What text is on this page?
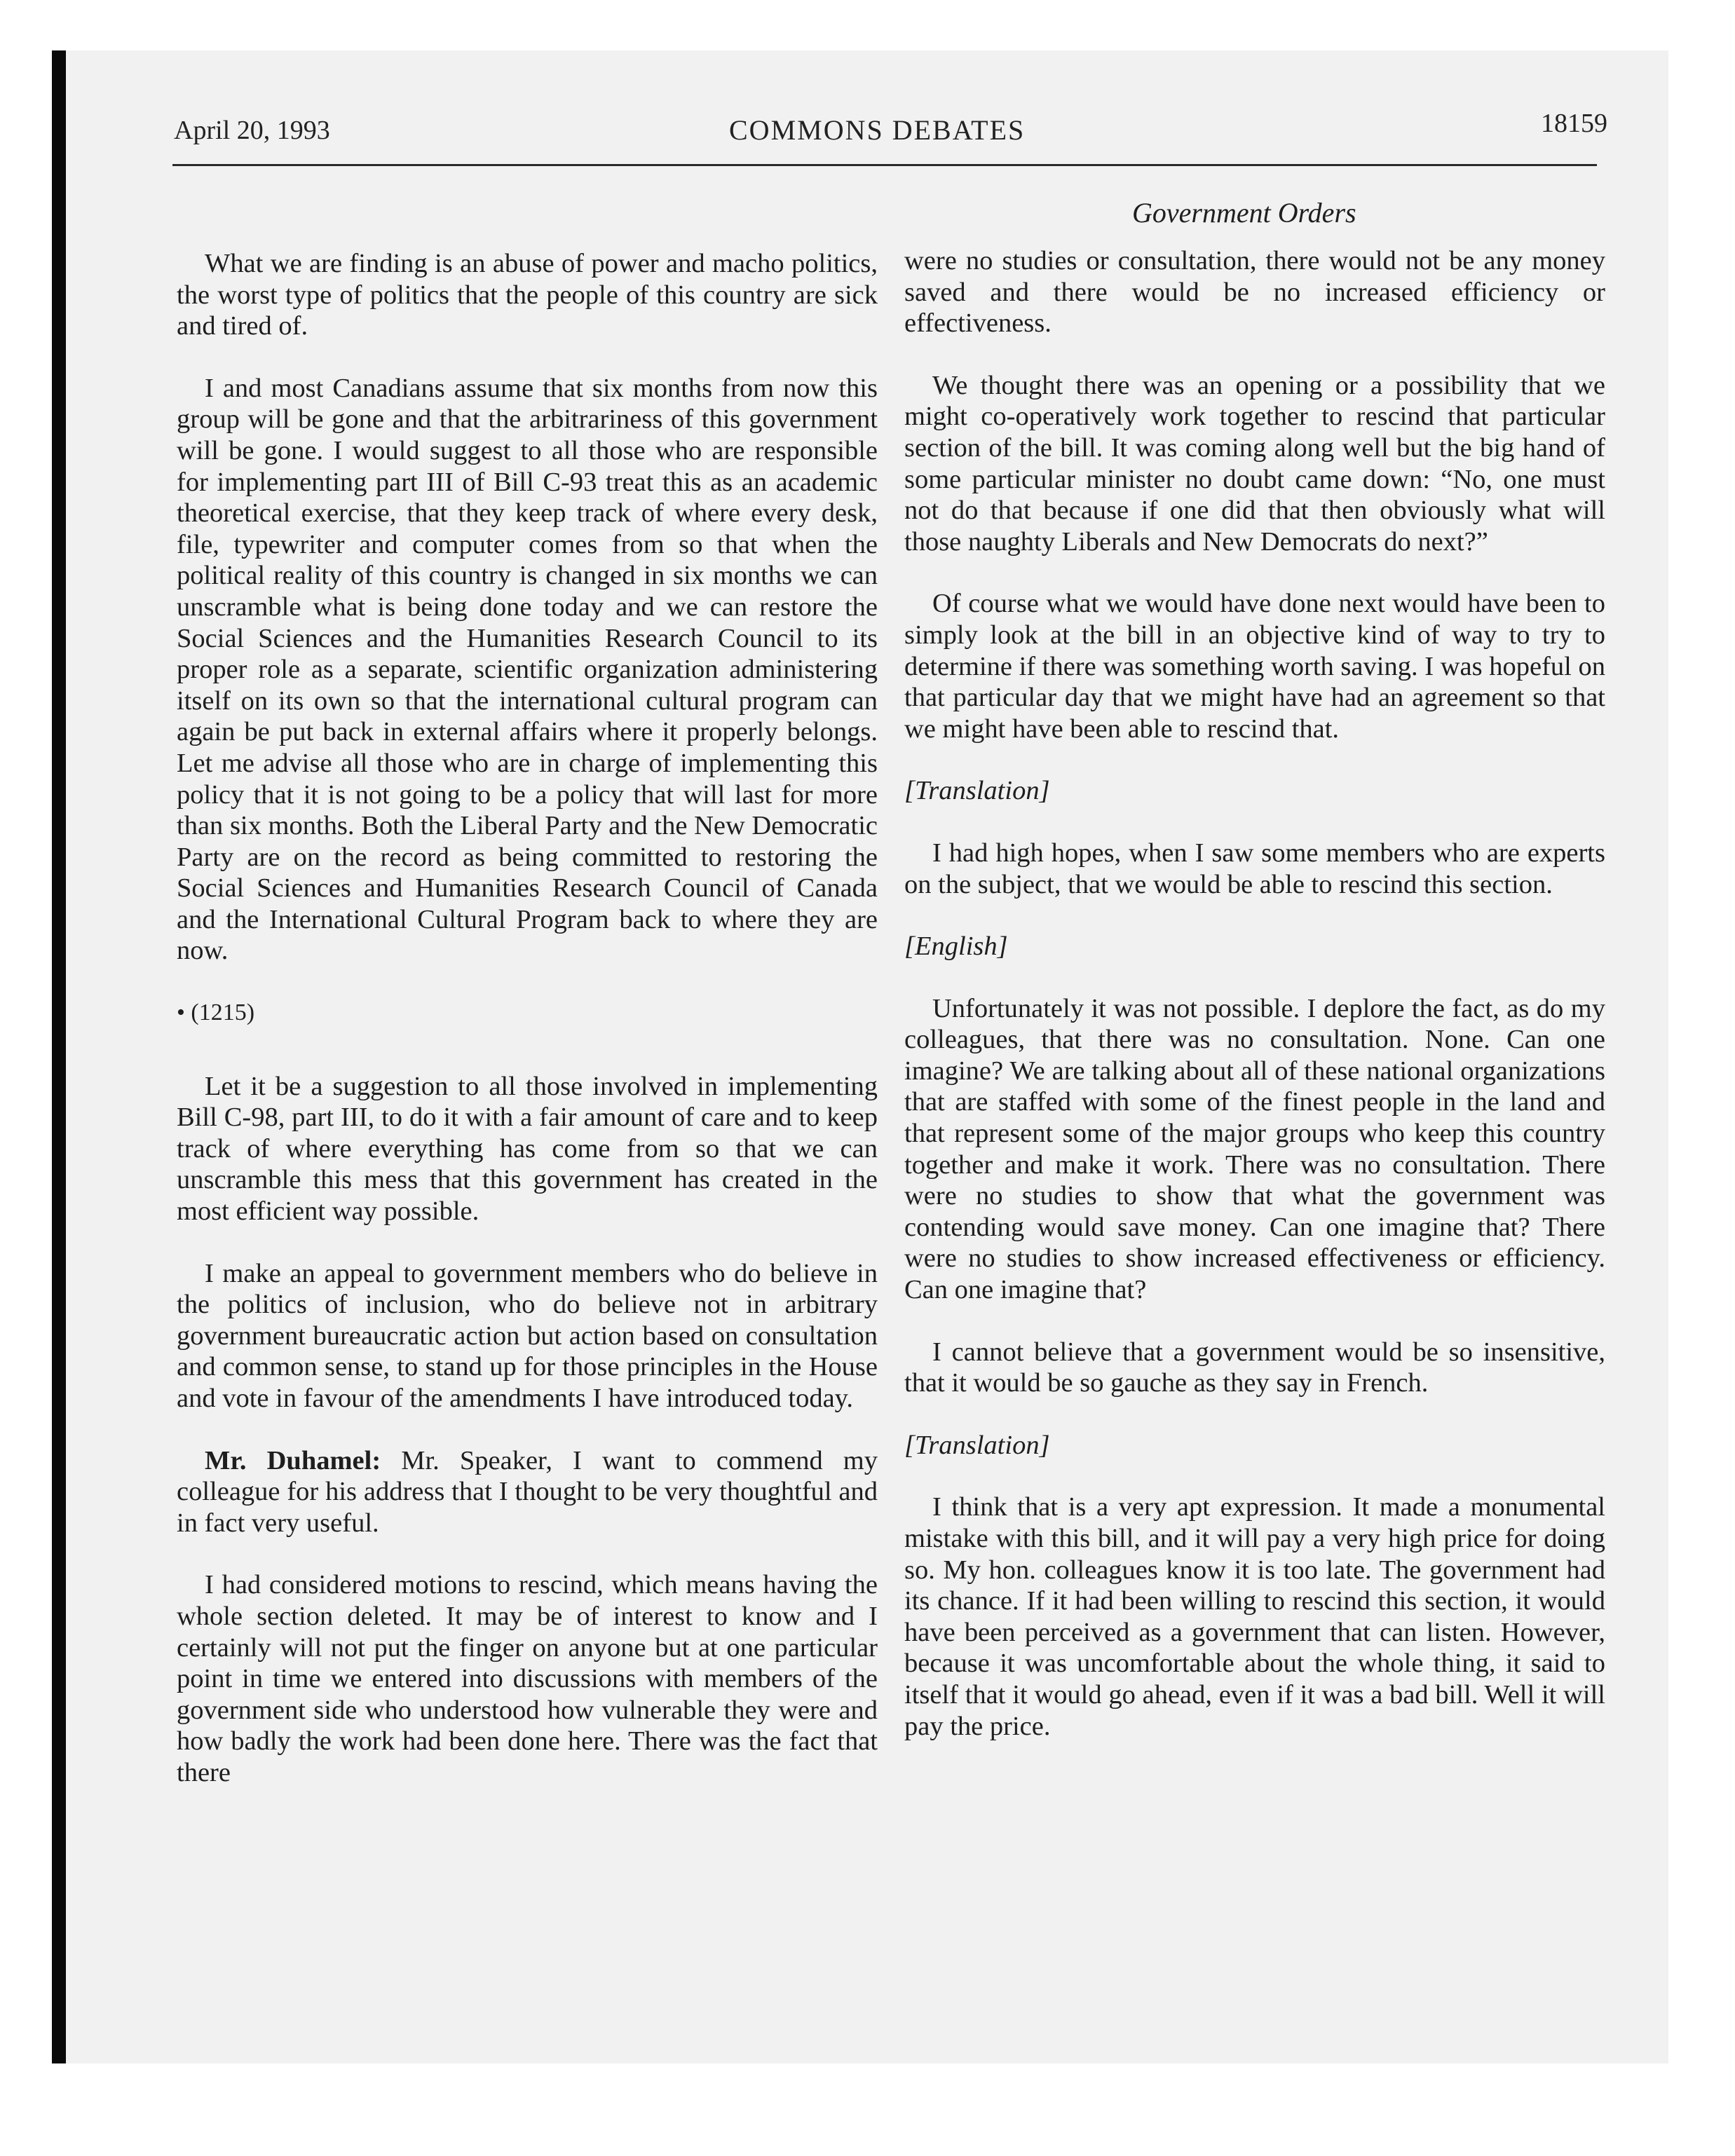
April 20, 1993	COMMONS DEBATES	18159
Government Orders

What we are finding is an abuse of power and macho politics, the worst type of politics that the people of this country are sick and tired of.

I and most Canadians assume that six months from now this group will be gone and that the arbitrariness of this government will be gone. I would suggest to all those who are responsible for implementing part III of Bill C-93 treat this as an academic theoretical exercise, that they keep track of where every desk, file, typewriter and computer comes from so that when the political reality of this country is changed in six months we can unscramble what is being done today and we can restore the Social Sciences and the Humanities Research Council to its proper role as a separate, scientific organization administering itself on its own so that the international cultural program can again be put back in external affairs where it properly belongs. Let me advise all those who are in charge of implementing this policy that it is not going to be a policy that will last for more than six months. Both the Liberal Party and the New Democratic Party are on the record as being committed to restoring the Social Sciences and Humanities Research Council of Canada and the International Cultural Program back to where they are now.

• (1215)

Let it be a suggestion to all those involved in implementing Bill C-98, part III, to do it with a fair amount of care and to keep track of where everything has come from so that we can unscramble this mess that this government has created in the most efficient way possible.

I make an appeal to government members who do believe in the politics of inclusion, who do believe not in arbitrary government bureaucratic action but action based on consultation and common sense, to stand up for those principles in the House and vote in favour of the amendments I have introduced today.

Mr. Duhamel: Mr. Speaker, I want to commend my colleague for his address that I thought to be very thoughtful and in fact very useful.

I had considered motions to rescind, which means having the whole section deleted. It may be of interest to know and I certainly will not put the finger on anyone but at one particular point in time we entered into discussions with members of the government side who understood how vulnerable they were and how badly the work had been done here. There was the fact that there

were no studies or consultation, there would not be any money saved and there would be no increased efficiency or effectiveness.

We thought there was an opening or a possibility that we might co-operatively work together to rescind that particular section of the bill. It was coming along well but the big hand of some particular minister no doubt came down: “No, one must not do that because if one did that then obviously what will those naughty Liberals and New Democrats do next?”

Of course what we would have done next would have been to simply look at the bill in an objective kind of way to try to determine if there was something worth saving. I was hopeful on that particular day that we might have had an agreement so that we might have been able to rescind that.

[Translation]

I had high hopes, when I saw some members who are experts on the subject, that we would be able to rescind this section.

[English]

Unfortunately it was not possible. I deplore the fact, as do my colleagues, that there was no consultation. None. Can one imagine? We are talking about all of these national organizations that are staffed with some of the finest people in the land and that represent some of the major groups who keep this country together and make it work. There was no consultation. There were no studies to show that what the government was contending would save money. Can one imagine that? There were no studies to show increased effectiveness or efficiency. Can one imagine that?

I cannot believe that a government would be so insensitive, that it would be so gauche as they say in French.

[Translation]

I think that is a very apt expression. It made a monumental mistake with this bill, and it will pay a very high price for doing so. My hon. colleagues know it is too late. The government had its chance. If it had been willing to rescind this section, it would have been perceived as a government that can listen. However, because it was uncomfortable about the whole thing, it said to itself that it would go ahead, even if it was a bad bill. Well it will pay the price.
